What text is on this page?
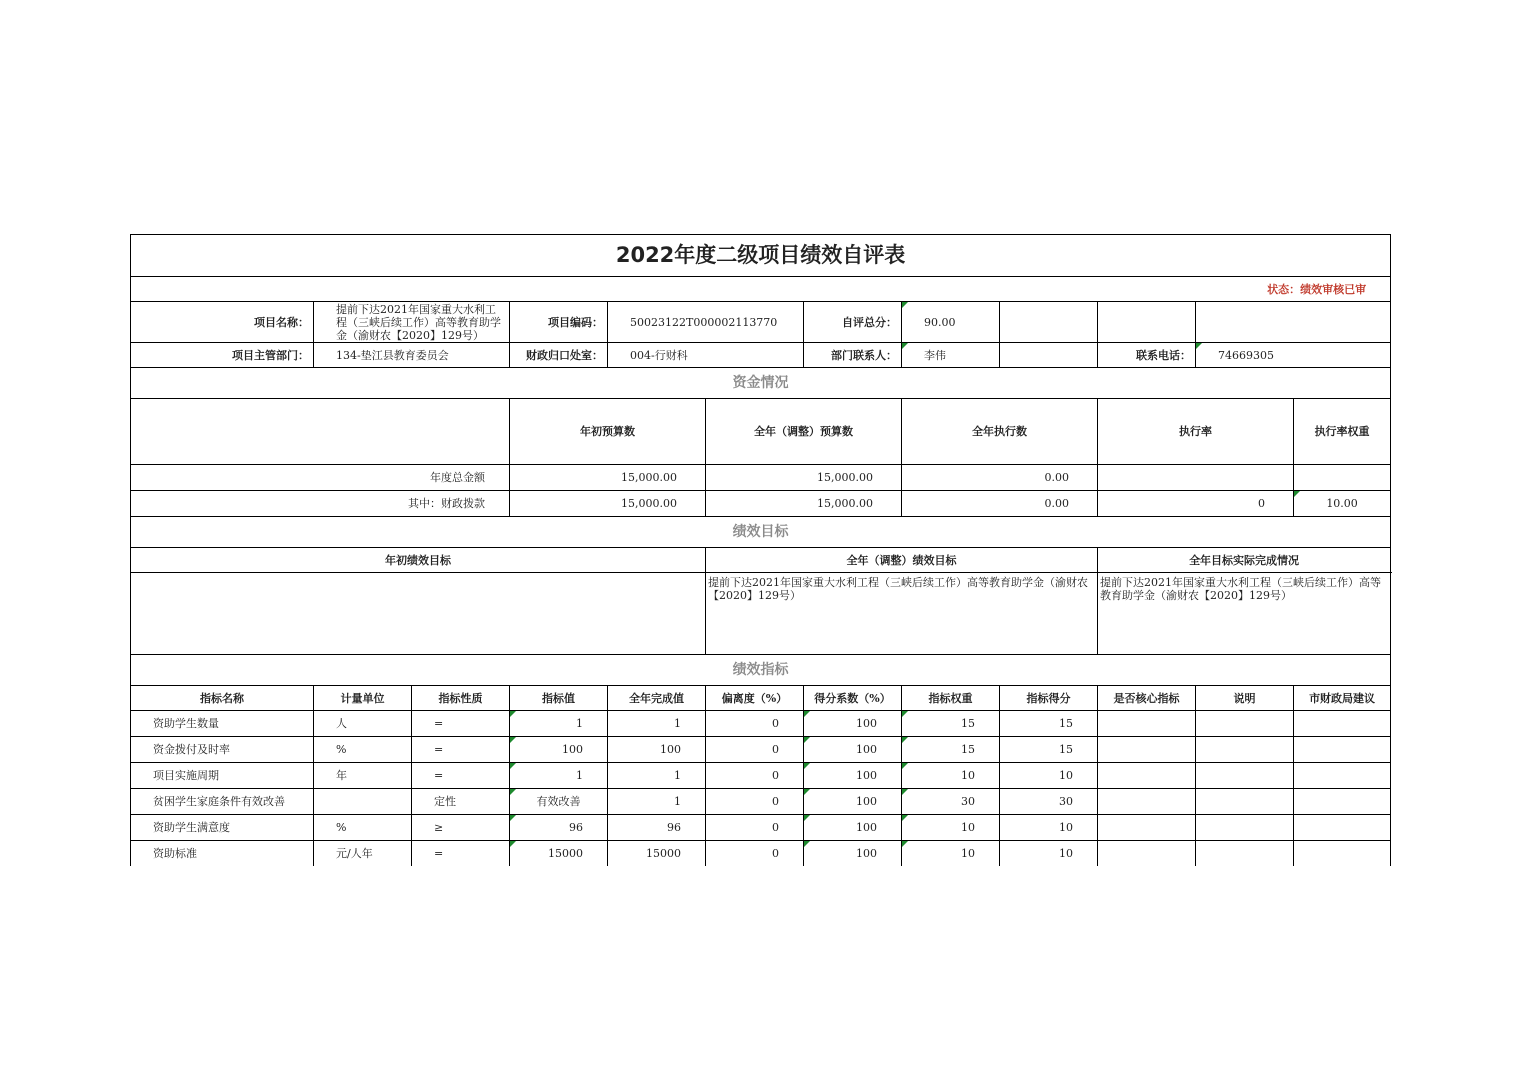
2022年度二级项目绩效自评表												
状态：绩效审核已审												
项目名称：	提前下达2021年国家重大水利工程（三峡后续工作）高等教育助学金（渝财农【2020】129号）		项目编码：	50023122T000002113770		自评总分：	90.00					
项目主管部门：	134-垫江县教育委员会		财政归口处室：	004-行财科		部门联系人：	李伟		联系电话：	74669305		
资金情况												
			年初预算数		全年（调整）预算数		全年执行数		执行率		执行率权重	
年度总金额			15,000.00		15,000.00		0.00					
其中：财政拨款			15,000.00		15,000.00		0.00		0		10.00	
绩效目标												
年初绩效目标					全年（调整）绩效目标				全年目标实际完成情况			
					提前下达2021年国家重大水利工程（三峡后续工作）高等教育助学金（渝财农【2020】129号）				提前下达2021年国家重大水利工程（三峡后续工作）高等教育助学金（渝财农【2020】129号）			
绩效指标												
指标名称	计量单位	指标性质	指标值	全年完成值	偏离度（%）	得分系数（%）	指标权重	指标得分	是否核心指标	说明	市财政局建议	
资助学生数量	人	=	1	1	0	100	15	15				
资金拨付及时率	%	=	100	100	0	100	15	15				
项目实施周期	年	=	1	1	0	100	10	10				
贫困学生家庭条件有效改善		定性	有效改善	1	0	100	30	30				
资助学生满意度	%	≥	96	96	0	100	10	10				
资助标准	元/人年	=	15000	15000	0	100	10	10				
